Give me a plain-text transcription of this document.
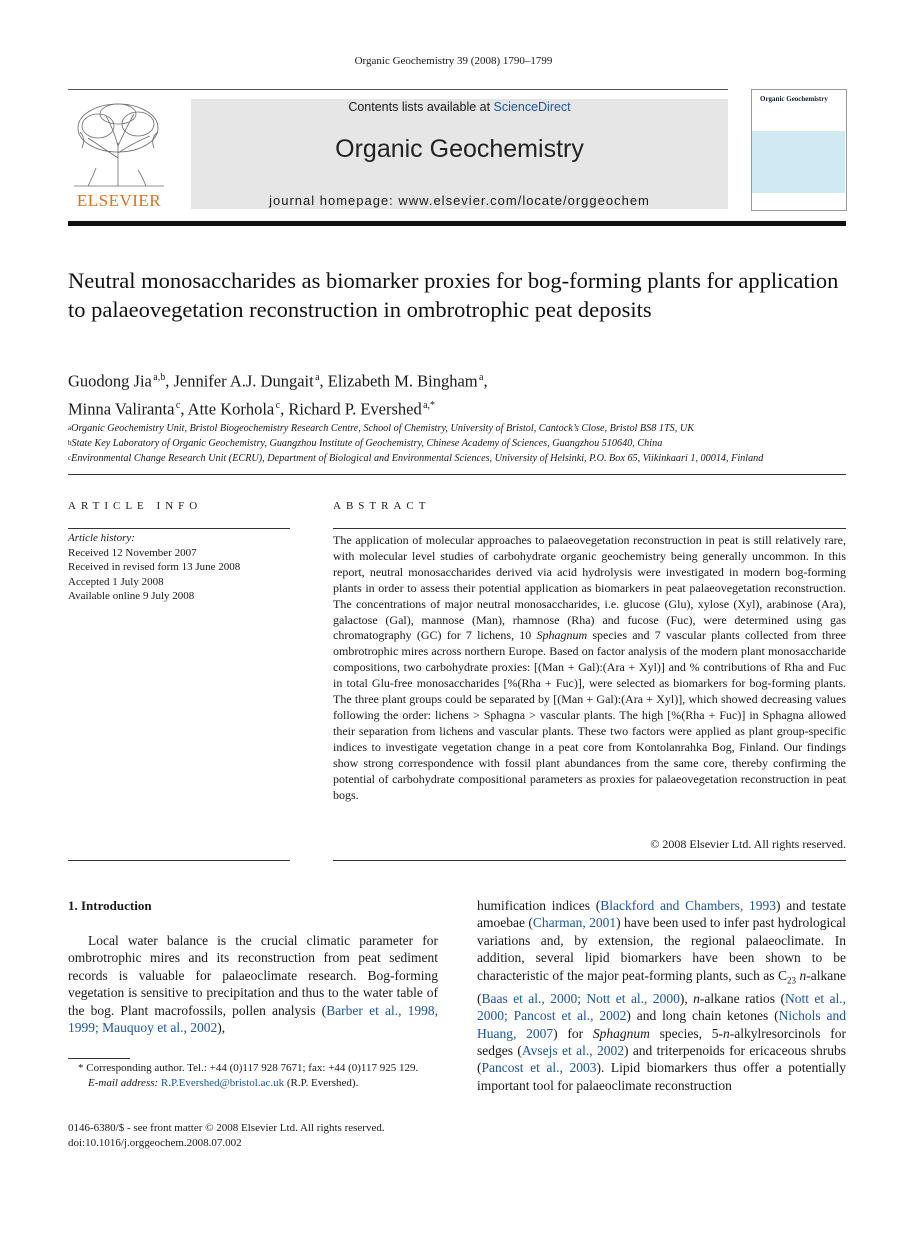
Organic Geochemistry 39 (2008) 1790–1799
ELSEVIER
Contents lists available at ScienceDirect
Organic Geochemistry
journal homepage: www.elsevier.com/locate/orggeochem
Organic Geochemistry
Neutral monosaccharides as biomarker proxies for bog-forming plants for application to palaeovegetation reconstruction in ombrotrophic peat deposits
Guodong Jia $^{a,b}$, Jennifer A.J. Dungait $^a$, Elizabeth M. Bingham $^a$,
Minna Valiranta $^c$, Atte Korhola $^c$, Richard P. Evershed $^{a,*}$
$^a$Organic Geochemistry Unit, Bristol Biogeochemistry Research Centre, School of Chemistry, University of Bristol, Cantock’s Close, Bristol BS8 1TS, UK
$^b$State Key Laboratory of Organic Geochemistry, Guangzhou Institute of Geochemistry, Chinese Academy of Sciences, Guangzhou 510640, China
$^c$Environmental Change Research Unit (ECRU), Department of Biological and Environmental Sciences, University of Helsinki, P.O. Box 65, Viikinkaari 1, 00014, Finland
ARTICLE INFO
Article history:
Received 12 November 2007
Received in revised form 13 June 2008
Accepted 1 July 2008
Available online 9 July 2008
ABSTRACT
The application of molecular approaches to palaeovegetation reconstruction in peat is still relatively rare, with molecular level studies of carbohydrate organic geochemistry being generally uncommon. In this report, neutral monosaccharides derived via acid hydrolysis were investigated in modern bog-forming plants in order to assess their potential application as biomarkers in peat palaeovegetation reconstruction. The concentrations of major neutral monosaccharides, i.e. glucose (Glu), xylose (Xyl), arabinose (Ara), galactose (Gal), mannose (Man), rhamnose (Rha) and fucose (Fuc), were determined using gas chromatography (GC) for 7 lichens, 10 Sphagnum species and 7 vascular plants collected from three ombrotrophic mires across northern Europe. Based on factor analysis of the modern plant monosaccharide compositions, two carbohydrate proxies: [(Man + Gal):(Ara + Xyl)] and % contributions of Rha and Fuc in total Glu-free monosaccharides [%(Rha + Fuc)], were selected as biomarkers for bog-forming plants. The three plant groups could be separated by [(Man + Gal):(Ara + Xyl)], which showed decreasing values following the order: lichens > Sphagna > vascular plants. The high [%(Rha + Fuc)] in Sphagna allowed their separation from lichens and vascular plants. These two factors were applied as plant group-specific indices to investigate vegetation change in a peat core from Kontolanrahka Bog, Finland. Our findings show strong correspondence with fossil plant abundances from the same core, thereby confirming the potential of carbohydrate compositional parameters as proxies for palaeovegetation reconstruction in peat bogs.
© 2008 Elsevier Ltd. All rights reserved.
1. Introduction

Local water balance is the crucial climatic parameter for ombrotrophic mires and its reconstruction from peat sediment records is valuable for palaeoclimate research. Bog-forming vegetation is sensitive to precipitation and thus to the water table of the bog. Plant macrofossils, pollen analysis (Barber et al., 1998, 1999; Mauquoy et al., 2002),

humification indices (Blackford and Chambers, 1993) and testate amoebae (Charman, 2001) have been used to infer past hydrological variations and, by extension, the regional palaeoclimate. In addition, several lipid biomarkers have been shown to be characteristic of the major peat-forming plants, such as $C_{23}$ n-alkane (Baas et al., 2000; Nott et al., 2000), n-alkane ratios (Nott et al., 2000; Pancost et al., 2002) and long chain ketones (Nichols and Huang, 2007) for Sphagnum species, 5-n-alkylresorcinols for sedges (Avsejs et al., 2002) and triterpenoids for ericaceous shrubs (Pancost et al., 2003). Lipid biomarkers thus offer a potentially important tool for palaeoclimate reconstruction

* Corresponding author. Tel.: +44 (0)117 928 7671; fax: +44 (0)117 925 129.
E-mail address: R.P.Evershed@bristol.ac.uk (R.P. Evershed).
0146-6380/$ - see front matter © 2008 Elsevier Ltd. All rights reserved.
doi:10.1016/j.orggeochem.2008.07.002
